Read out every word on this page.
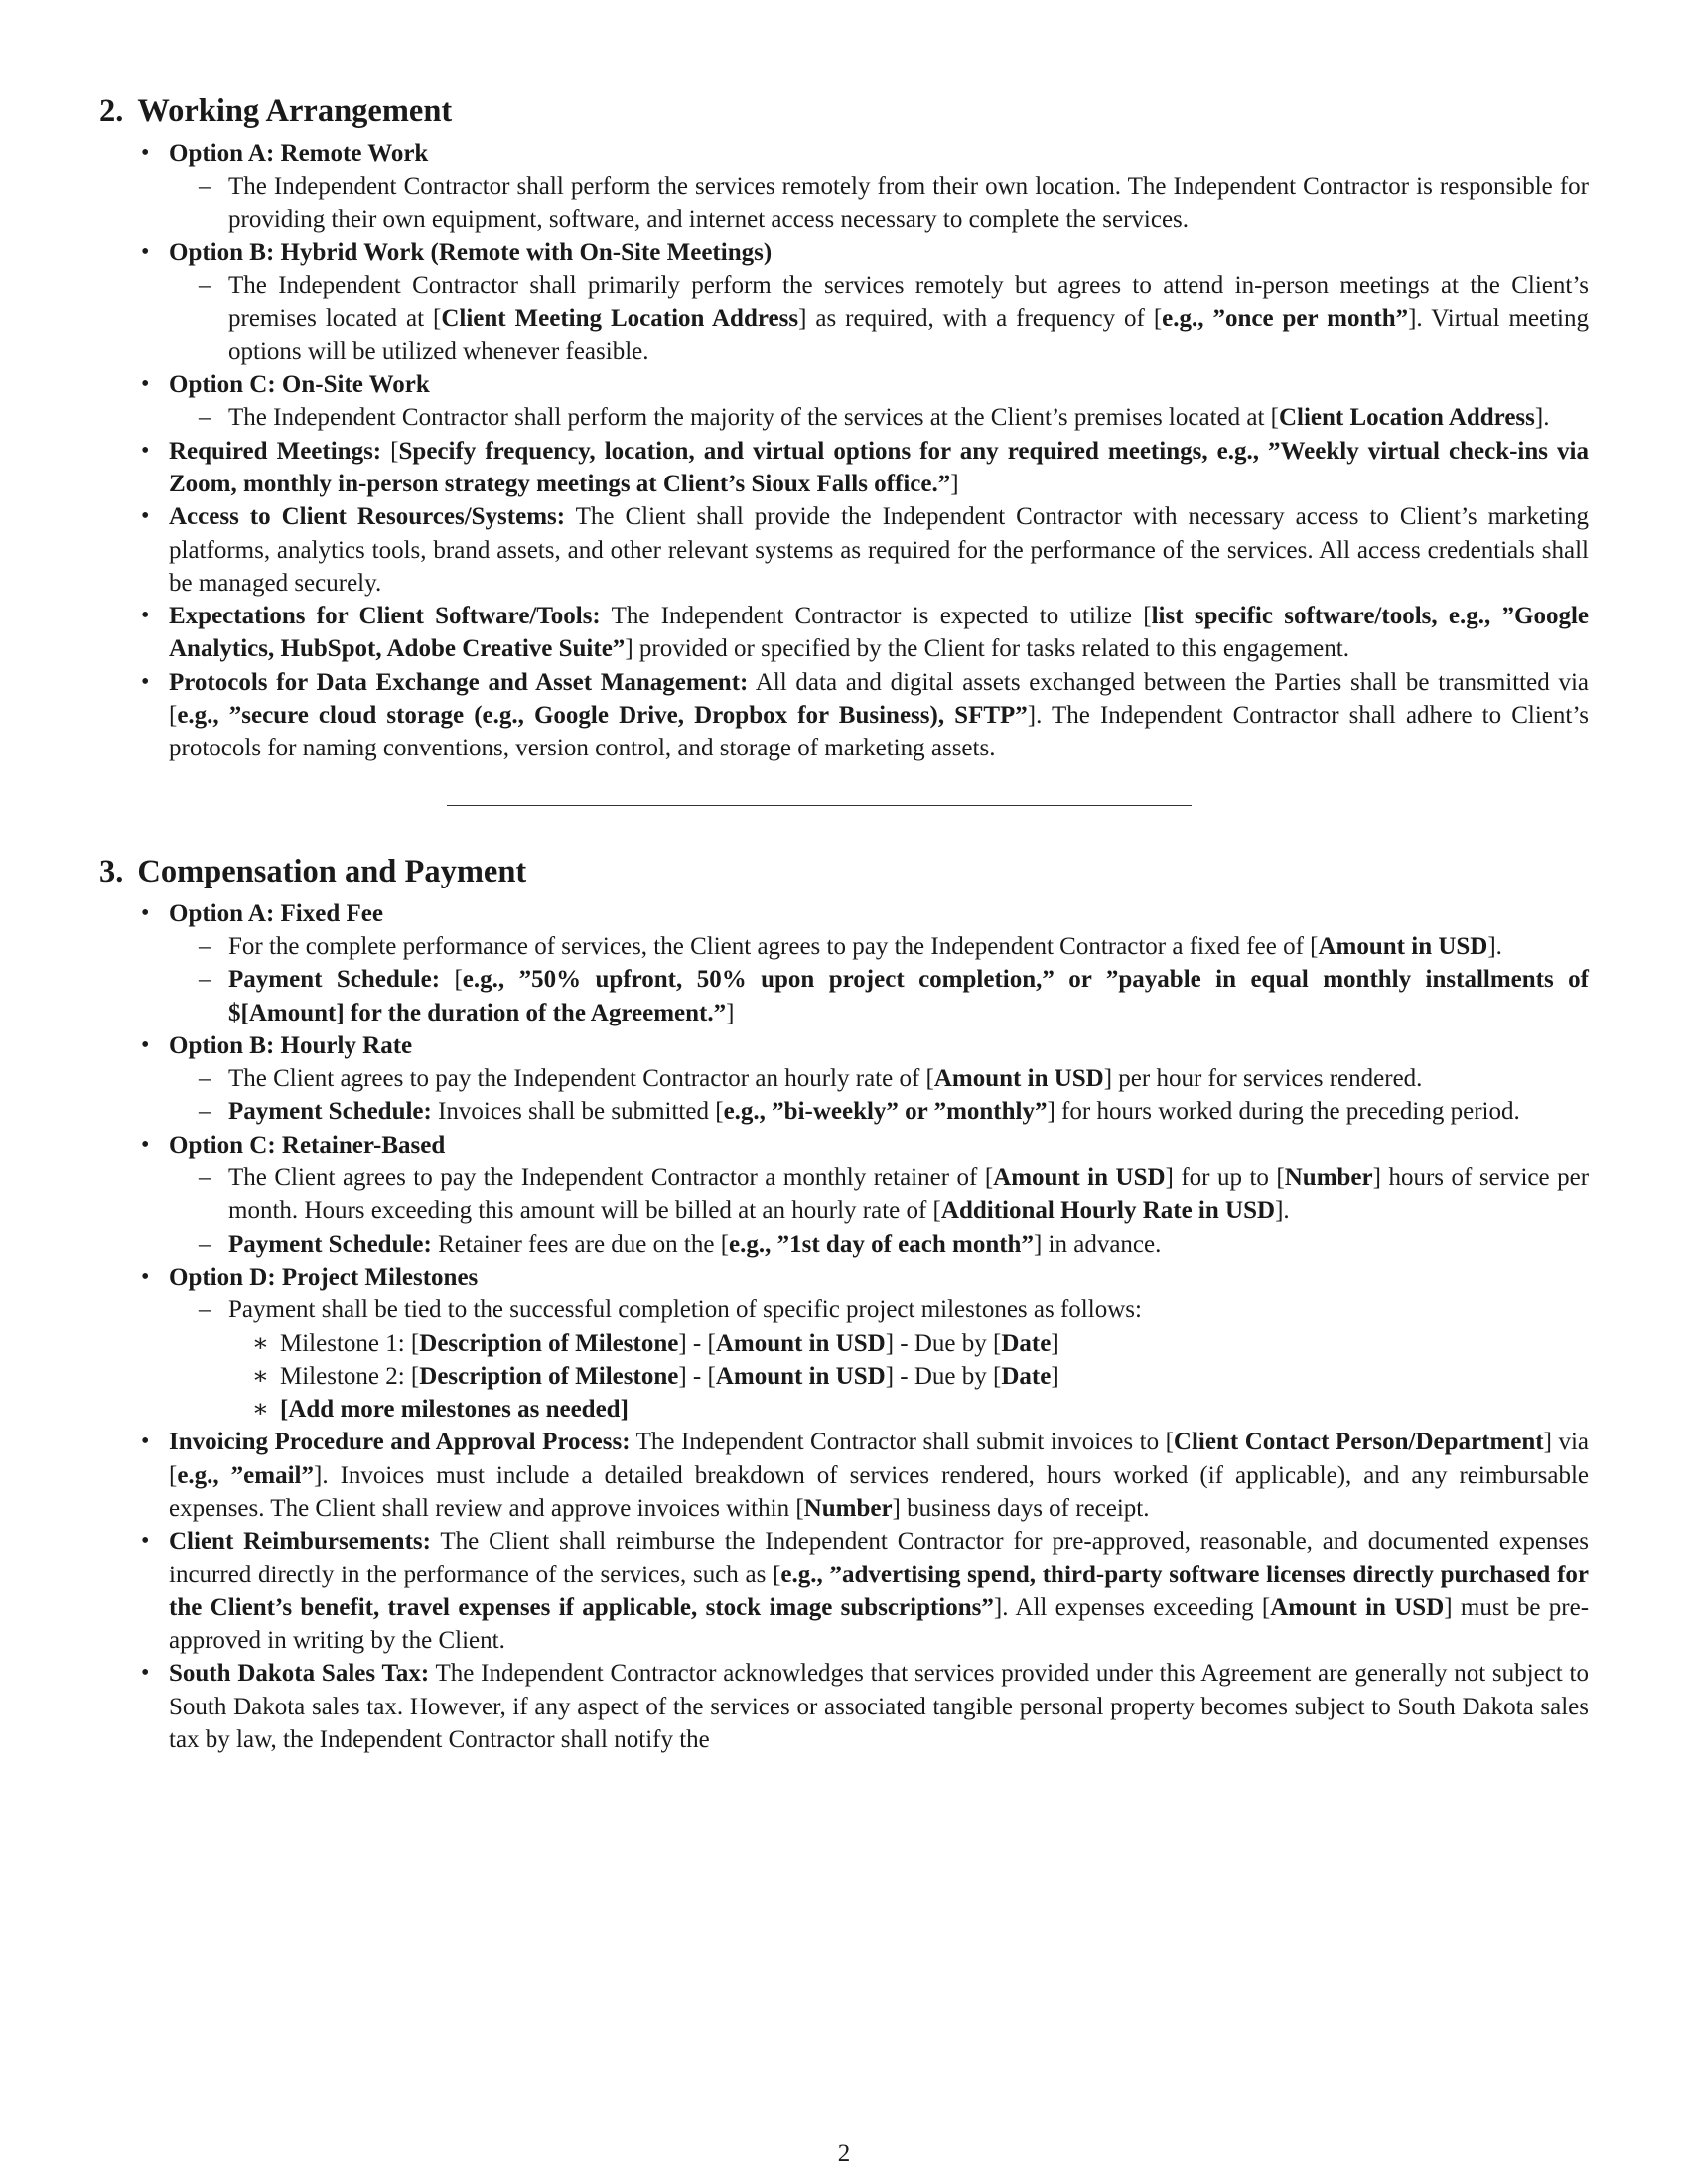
2. Working Arrangement
• Option A: Remote Work
– The Independent Contractor shall perform the services remotely from their own location. The Independent Contractor is responsible for providing their own equipment, software, and internet access necessary to complete the services.
• Option B: Hybrid Work (Remote with On-Site Meetings)
– The Independent Contractor shall primarily perform the services remotely but agrees to attend in-person meetings at the Client’s premises located at [Client Meeting Location Address] as required, with a frequency of [e.g., ”once per month”]. Virtual meeting options will be utilized whenever feasible.
• Option C: On-Site Work
– The Independent Contractor shall perform the majority of the services at the Client’s premises located at [Client Location Address].
• Required Meetings: [Specify frequency, location, and virtual options for any required meetings, e.g., ”Weekly virtual check-ins via Zoom, monthly in-person strategy meetings at Client’s Sioux Falls office.”]
• Access to Client Resources/Systems: The Client shall provide the Independent Contractor with necessary access to Client’s marketing platforms, analytics tools, brand assets, and other relevant systems as required for the performance of the services. All access credentials shall be managed securely.
• Expectations for Client Software/Tools: The Independent Contractor is expected to utilize [list specific software/tools, e.g., ”Google Analytics, HubSpot, Adobe Creative Suite”] provided or specified by the Client for tasks related to this engagement.
• Protocols for Data Exchange and Asset Management: All data and digital assets exchanged between the Parties shall be transmitted via [e.g., ”secure cloud storage (e.g., Google Drive, Dropbox for Business), SFTP”]. The Independent Contractor shall adhere to Client’s protocols for naming conventions, version control, and storage of marketing assets.
3. Compensation and Payment
• Option A: Fixed Fee
– For the complete performance of services, the Client agrees to pay the Independent Contractor a fixed fee of [Amount in USD].
– Payment Schedule: [e.g., ”50% upfront, 50% upon project completion,” or ”payable in equal monthly installments of $[Amount] for the duration of the Agreement.”]
• Option B: Hourly Rate
– The Client agrees to pay the Independent Contractor an hourly rate of [Amount in USD] per hour for services rendered.
– Payment Schedule: Invoices shall be submitted [e.g., ”bi-weekly” or ”monthly”] for hours worked during the preceding period.
• Option C: Retainer-Based
– The Client agrees to pay the Independent Contractor a monthly retainer of [Amount in USD] for up to [Number] hours of service per month. Hours exceeding this amount will be billed at an hourly rate of [Additional Hourly Rate in USD].
– Payment Schedule: Retainer fees are due on the [e.g., ”1st day of each month”] in advance.
• Option D: Project Milestones
– Payment shall be tied to the successful completion of specific project milestones as follows:
∗ Milestone 1: [Description of Milestone] - [Amount in USD] - Due by [Date]
∗ Milestone 2: [Description of Milestone] - [Amount in USD] - Due by [Date]
∗ [Add more milestones as needed]
• Invoicing Procedure and Approval Process: The Independent Contractor shall submit invoices to [Client Contact Person/Department] via [e.g., ”email”]. Invoices must include a detailed breakdown of services rendered, hours worked (if applicable), and any reimbursable expenses. The Client shall review and approve invoices within [Number] business days of receipt.
• Client Reimbursements: The Client shall reimburse the Independent Contractor for pre-approved, reasonable, and documented expenses incurred directly in the performance of the services, such as [e.g., ”advertising spend, third-party software licenses directly purchased for the Client’s benefit, travel expenses if applicable, stock image subscriptions”]. All expenses exceeding [Amount in USD] must be pre-approved in writing by the Client.
• South Dakota Sales Tax: The Independent Contractor acknowledges that services provided under this Agreement are generally not subject to South Dakota sales tax. However, if any aspect of the services or associated tangible personal property becomes subject to South Dakota sales tax by law, the Independent Contractor shall notify the
2
